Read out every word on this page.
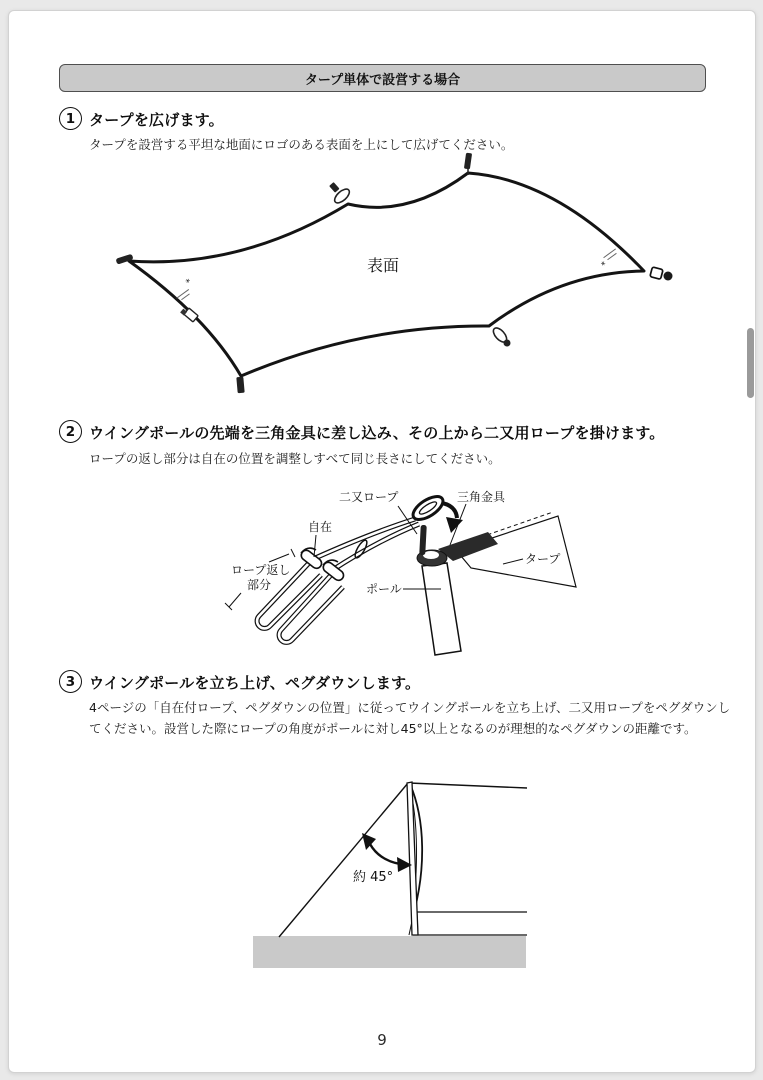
タープ単体で設営する場合
1 タープを広げます。
タープを設営する平坦な地面にロゴのある表面を上にして広げてください。
*
*
表面
2 ウイングポールの先端を三角金具に差し込み、その上から二又用ロープを掛けます。
ロープの返し部分は自在の位置を調整しすべて同じ長さにしてください。
二又ロープ	三角金具
自在
ロープ返し
部分	ポール
タープ
3 ウイングポールを立ち上げ、ペグダウンします。
4ページの「自在付ロープ、ペグダウンの位置」に従ってウイングポールを立ち上げ、二又用ロープをペグダウンし
てください。設営した際にロープの角度がポールに対し45°以上となるのが理想的なペグダウンの距離です。
約 45°
9
